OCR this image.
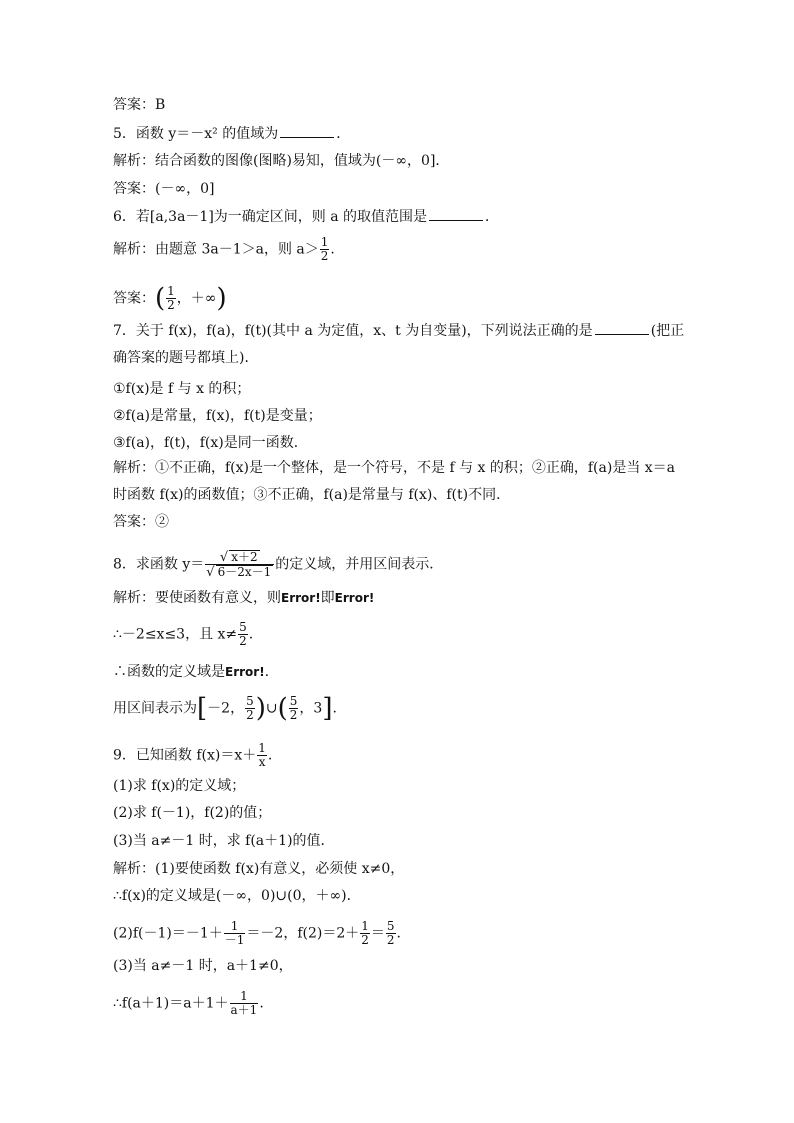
答案：B
5．函数 y＝－x² 的值域为	．
解析：结合函数的图像(图略)易知，值域为(－∞，0]．
答案：(－∞，0]
6．若[a,3a－1]为一确定区间，则 a 的取值范围是	．
解析：由题意 3a－1＞a，则 $a> \frac{1}{2}$ .
答案：( $\frac{1}{2}$ ，＋∞)
7．关于 f(x)，f(a)，f(t)(其中 a 为定值，x、t 为自变量)，下列说法正确的是	(把正确答案的题号都填上)．
①f(x)是 f 与 x 的积；
②f(a)是常量，f(x)，f(t)是变量；
③f(a)，f(t)，f(x)是同一函数．
解析：①不正确，f(x)是一个整体，是一个符号，不是 f 与 x 的积；②正确，f(a)是当 x＝a 时函数 f(x)的函数值；③不正确，f(a)是常量与 f(x)、f(t)不同．
答案：②
8．求函数 $y= \frac{√ x+2}{√ 6-2x-1}$ 的定义域，并用区间表示．
解析：要使函数有意义，则Error!即Error!
∴－2≤x≤3，且 $x\ne \frac{5}{2}$ .
∴函数的定义域是Error!.
用区间表示为[－2， $\frac{5}{2}$ )∪( $\frac{5}{2}$ ，3].
9．已知函数 $f(x)=x+ \frac{1}{x}$ .
(1)求 f(x)的定义域；
(2)求 f(－1)，f(2)的值；
(3)当 a≠－1 时，求 f(a＋1)的值．
解析：(1)要使函数 f(x)有意义，必须使 x≠0，
∴f(x)的定义域是(－∞，0)∪(0，＋∞)．
$(2)f(-1)=-1+ \frac{1}{-1} =-2$，$f(2)=2+ \frac{1}{2} = \frac{5}{2}$ .
(3)当 a≠－1 时，a＋1≠0，
∴f(a＋1)＝a＋1＋ $\frac{1}{a+1}$ .
